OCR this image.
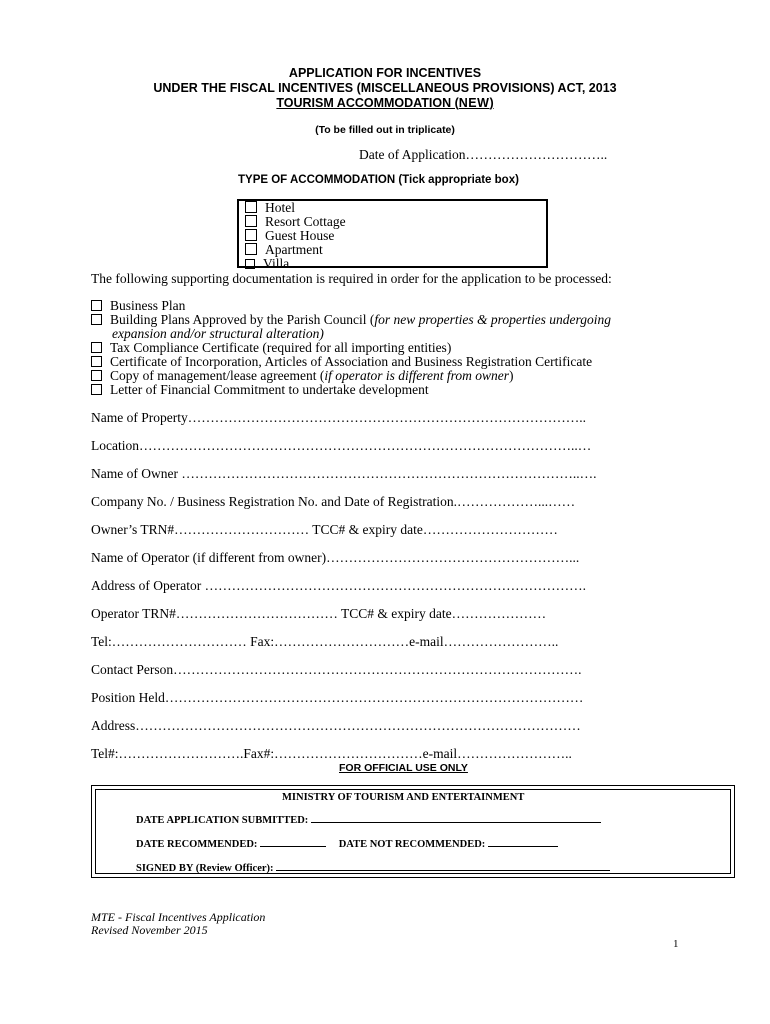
APPLICATION FOR INCENTIVES
UNDER THE FISCAL INCENTIVES (MISCELLANEOUS PROVISIONS) ACT, 2013
TOURISM ACCOMMODATION (NEW)
(To be filled out in triplicate)
Date of Application…………………………..
TYPE OF ACCOMMODATION (Tick appropriate box)
Hotel
Resort Cottage
Guest House
Apartment
Villa
The following supporting documentation is required in order for the application to be processed:
Business Plan
Building Plans Approved by the Parish Council (for new properties & properties undergoing
expansion and/or structural alteration)
Tax Compliance Certificate (required for all importing entities)
Certificate of Incorporation, Articles of Association and Business Registration Certificate
Copy of management/lease agreement (if operator is different from owner)
Letter of Financial Commitment to undertake development
Name of Property……………………………………………………………………………..
Location……………………………………………………………………………………..…
Name of Owner ……………………………………………………………………………..….
Company No. / Business Registration No. and Date of Registration.………………...……
Owner’s TRN#………………………… TCC# & expiry date…………………………
Name of Operator (if different from owner)………………………………………………...
Address of Operator ………………………………………………………………………….
Operator TRN#……………………………… TCC# & expiry date…………………
Tel:………………………… Fax:…………………………e-mail……………………..
Contact Person……………………………………………………………………………….
Position Held…………………………………………………………………………………
Address………………………………………………………………………………………
Tel#:……………………….Fax#:……………………………e-mail……………………..
FOR OFFICIAL USE ONLY
MINISTRY OF TOURISM AND ENTERTAINMENT
DATE APPLICATION SUBMITTED:
DATE RECOMMENDED:	DATE NOT RECOMMENDED:
SIGNED BY (Review Officer):
MTE - Fiscal Incentives Application
Revised November 2015
1
